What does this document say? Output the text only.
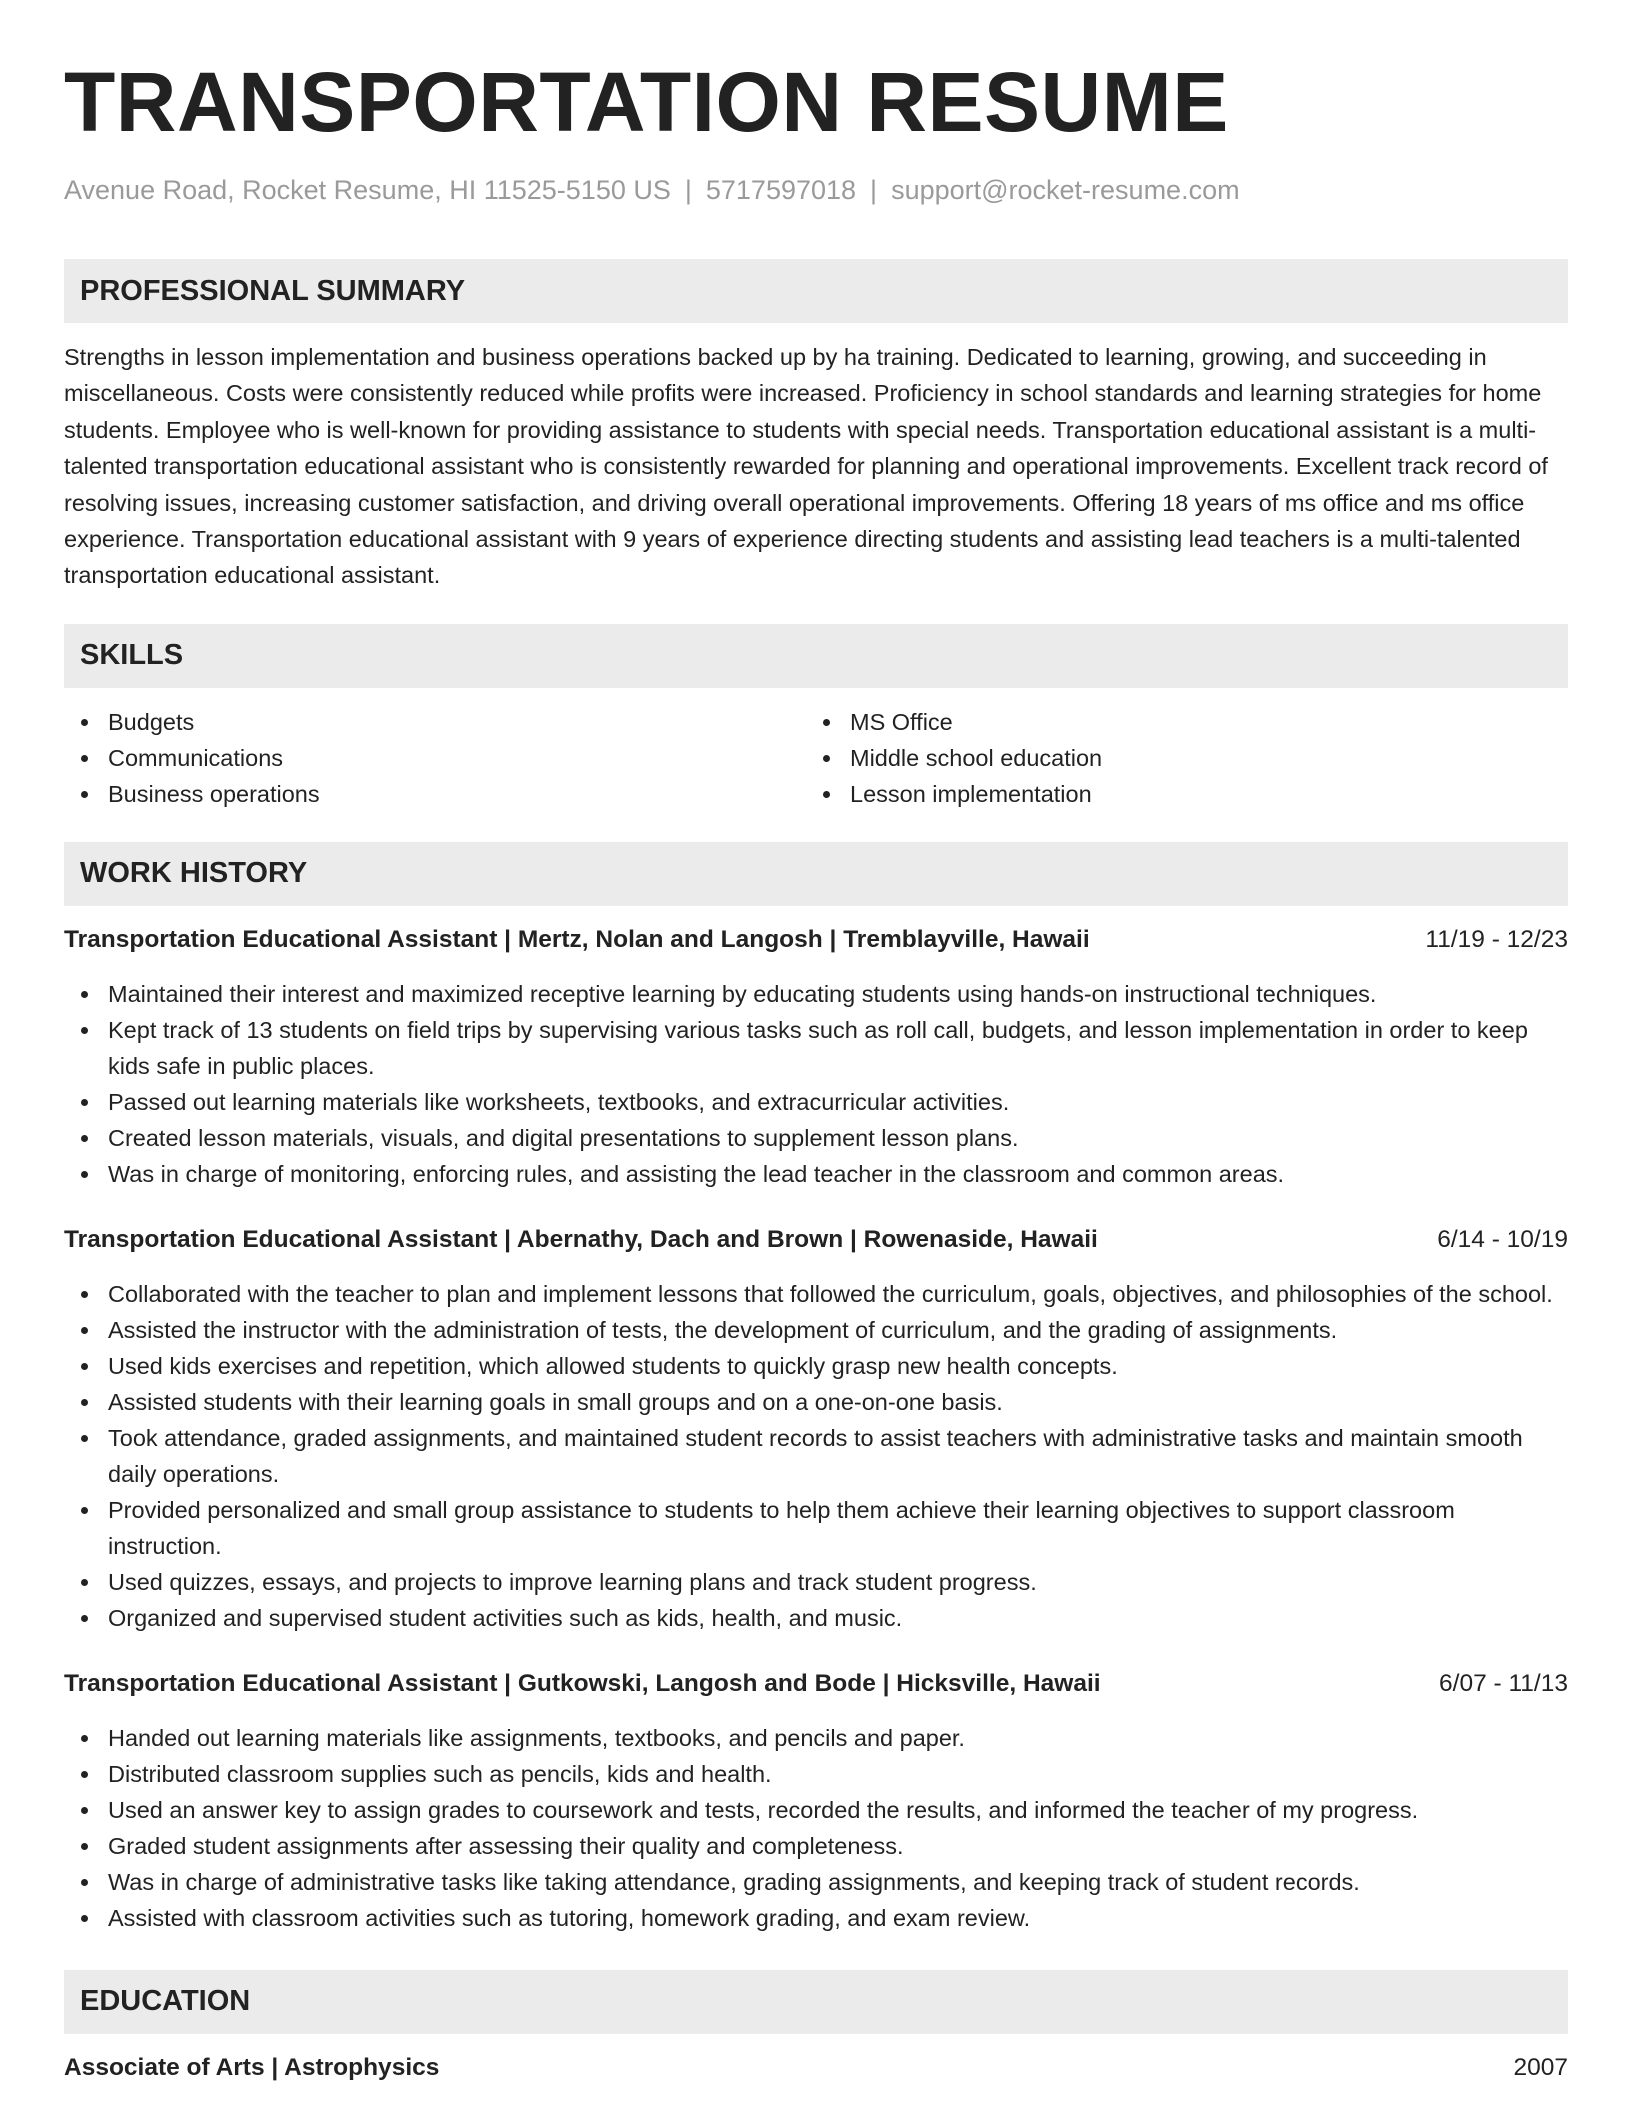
TRANSPORTATION RESUME
Avenue Road, Rocket Resume, HI 11525-5150 US | 5717597018 | support@rocket-resume.com
PROFESSIONAL SUMMARY
Strengths in lesson implementation and business operations backed up by ha training. Dedicated to learning, growing, and succeeding in miscellaneous. Costs were consistently reduced while profits were increased. Proficiency in school standards and learning strategies for home students. Employee who is well-known for providing assistance to students with special needs. Transportation educational assistant is a multi-talented transportation educational assistant who is consistently rewarded for planning and operational improvements. Excellent track record of resolving issues, increasing customer satisfaction, and driving overall operational improvements. Offering 18 years of ms office and ms office experience. Transportation educational assistant with 9 years of experience directing students and assisting lead teachers is a multi-talented transportation educational assistant.
SKILLS
Budgets
Communications
Business operations
MS Office
Middle school education
Lesson implementation
WORK HISTORY
Transportation Educational Assistant | Mertz, Nolan and Langosh | Tremblayville, Hawaii	11/19 - 12/23
Maintained their interest and maximized receptive learning by educating students using hands-on instructional techniques.
Kept track of 13 students on field trips by supervising various tasks such as roll call, budgets, and lesson implementation in order to keep kids safe in public places.
Passed out learning materials like worksheets, textbooks, and extracurricular activities.
Created lesson materials, visuals, and digital presentations to supplement lesson plans.
Was in charge of monitoring, enforcing rules, and assisting the lead teacher in the classroom and common areas.
Transportation Educational Assistant | Abernathy, Dach and Brown | Rowenaside, Hawaii	6/14 - 10/19
Collaborated with the teacher to plan and implement lessons that followed the curriculum, goals, objectives, and philosophies of the school.
Assisted the instructor with the administration of tests, the development of curriculum, and the grading of assignments.
Used kids exercises and repetition, which allowed students to quickly grasp new health concepts.
Assisted students with their learning goals in small groups and on a one-on-one basis.
Took attendance, graded assignments, and maintained student records to assist teachers with administrative tasks and maintain smooth daily operations.
Provided personalized and small group assistance to students to help them achieve their learning objectives to support classroom instruction.
Used quizzes, essays, and projects to improve learning plans and track student progress.
Organized and supervised student activities such as kids, health, and music.
Transportation Educational Assistant | Gutkowski, Langosh and Bode | Hicksville, Hawaii	6/07 - 11/13
Handed out learning materials like assignments, textbooks, and pencils and paper.
Distributed classroom supplies such as pencils, kids and health.
Used an answer key to assign grades to coursework and tests, recorded the results, and informed the teacher of my progress.
Graded student assignments after assessing their quality and completeness.
Was in charge of administrative tasks like taking attendance, grading assignments, and keeping track of student records.
Assisted with classroom activities such as tutoring, homework grading, and exam review.
EDUCATION
Associate of Arts | Astrophysics	2007
